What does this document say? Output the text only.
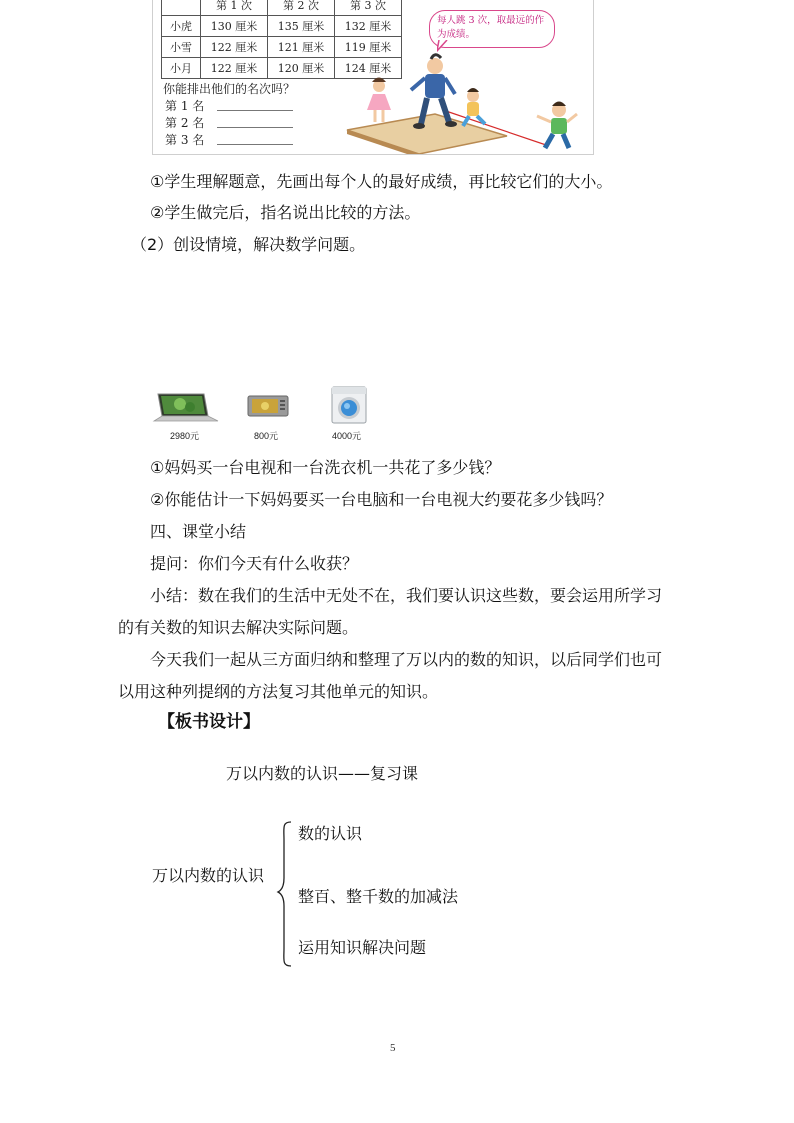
	第 1 次	第 2 次	第 3 次
小虎	130 厘米	135 厘米	132 厘米
小雪	122 厘米	121 厘米	119 厘米
小月	122 厘米	120 厘米	124 厘米
你能排出他们的名次吗？
第 1 名
第 2 名
第 3 名
每人跳 3 次，取最远的作为成绩。
①学生理解题意，先画出每个人的最好成绩，再比较它们的大小。
②学生做完后，指名说出比较的方法。
（2）创设情境，解决数学问题。
2980元	800元	4000元
①妈妈买一台电视和一台洗衣机一共花了多少钱？
②你能估计一下妈妈要买一台电脑和一台电视大约要花多少钱吗？
四、课堂小结
提问：你们今天有什么收获？
小结：数在我们的生活中无处不在，我们要认识这些数，要会运用所学习
的有关数的知识去解决实际问题。
今天我们一起从三方面归纳和整理了万以内的数的知识，以后同学们也可
以用这种列提纲的方法复习其他单元的知识。
【板书设计】
万以内数的认识——复习课
万以内数的认识
数的认识
整百、整千数的加减法
运用知识解决问题
5
